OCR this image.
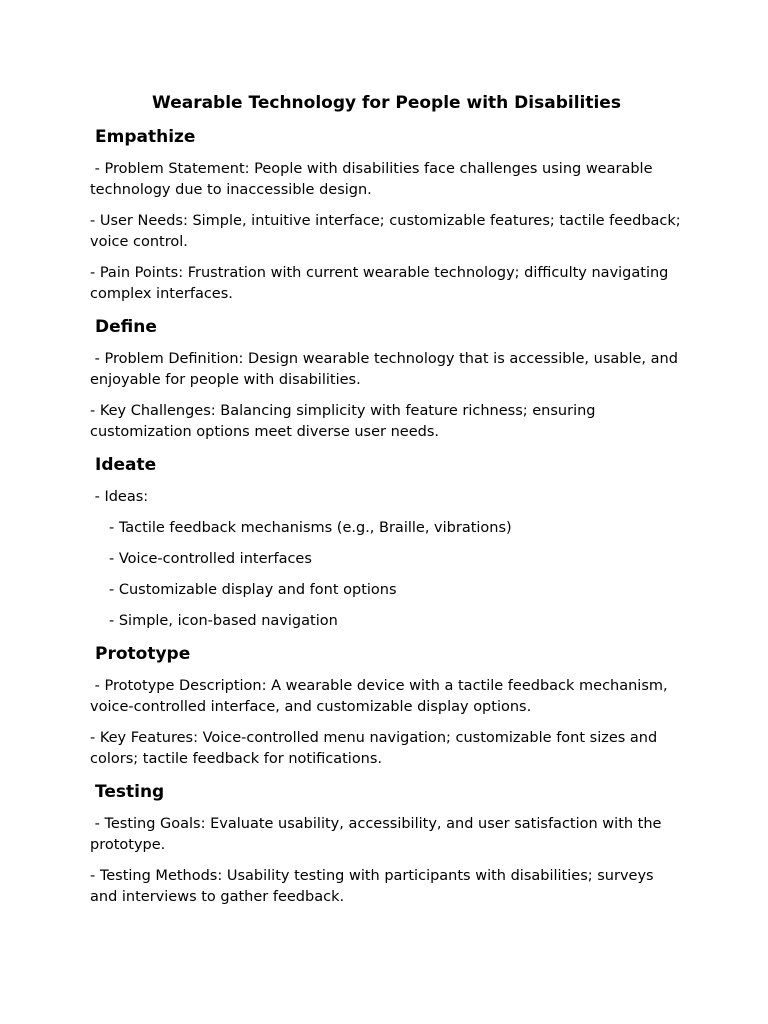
Wearable Technology for People with Disabilities
Empathize

- Problem Statement: People with disabilities face challenges using wearable technology due to inaccessible design.

- User Needs: Simple, intuitive interface; customizable features; tactile feedback; voice control.

- Pain Points: Frustration with current wearable technology; difficulty navigating complex interfaces.

Define

- Problem Definition: Design wearable technology that is accessible, usable, and enjoyable for people with disabilities.

- Key Challenges: Balancing simplicity with feature richness; ensuring customization options meet diverse user needs.

Ideate

- Ideas:

- Tactile feedback mechanisms (e.g., Braille, vibrations)

- Voice-controlled interfaces

- Customizable display and font options

- Simple, icon-based navigation

Prototype

- Prototype Description: A wearable device with a tactile feedback mechanism, voice-controlled interface, and customizable display options.

- Key Features: Voice-controlled menu navigation; customizable font sizes and colors; tactile feedback for notifications.

Testing

- Testing Goals: Evaluate usability, accessibility, and user satisfaction with the prototype.

- Testing Methods: Usability testing with participants with disabilities; surveys and interviews to gather feedback.
